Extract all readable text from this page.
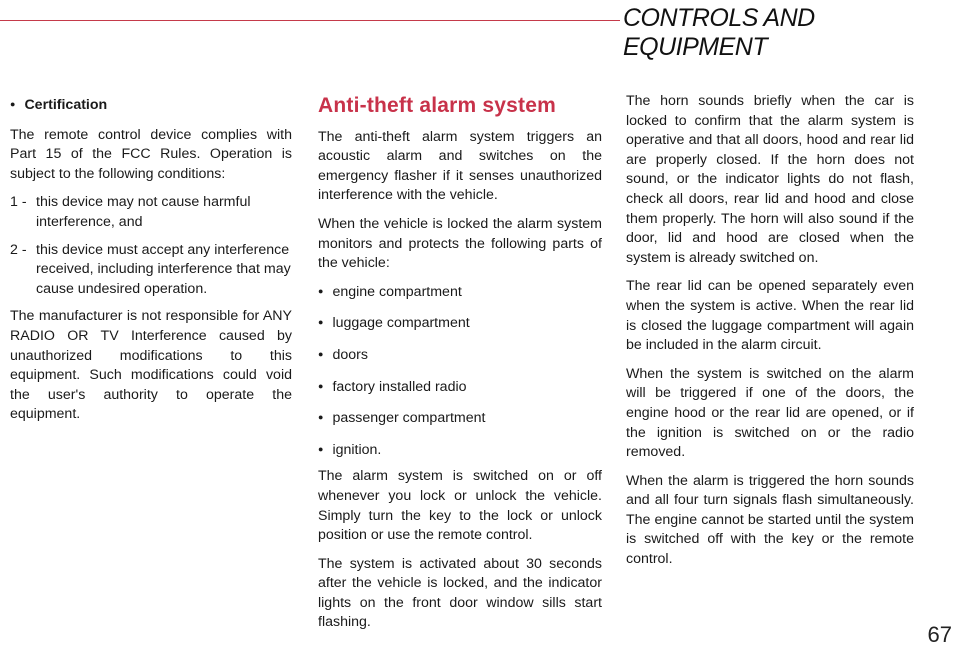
CONTROLS AND EQUIPMENT
● Certification

The remote control device complies with Part 15 of the FCC Rules. Operation is subject to the following conditions:

1 - this device may not cause harmful interference, and
2 - this device must accept any interference received, including interference that may cause undesired operation.

The manufacturer is not responsible for ANY RADIO OR TV Interference caused by unauthorized modifications to this equipment. Such modifications could void the user's authority to operate the equipment.

Anti-theft alarm system

The anti-theft alarm system triggers an acoustic alarm and switches on the emergency flasher if it senses unauthorized interference with the vehicle.

When the vehicle is locked the alarm system monitors and protects the following parts of the vehicle:

● engine compartment
● luggage compartment
● doors
● factory installed radio
● passenger compartment
● ignition.

The alarm system is switched on or off whenever you lock or unlock the vehicle. Simply turn the key to the lock or unlock position or use the remote control.

The system is activated about 30 seconds after the vehicle is locked, and the indicator lights on the front door window sills start flashing.

The horn sounds briefly when the car is locked to confirm that the alarm system is operative and that all doors, hood and rear lid are properly closed. If the horn does not sound, or the indicator lights do not flash, check all doors, rear lid and hood and close them properly. The horn will also sound if the door, lid and hood are closed when the system is already switched on.

The rear lid can be opened separately even when the system is active. When the rear lid is closed the luggage compartment will again be included in the alarm circuit.

When the system is switched on the alarm will be triggered if one of the doors, the engine hood or the rear lid are opened, or if the ignition is switched on or the radio removed.

When the alarm is triggered the horn sounds and all four turn signals flash simultaneously. The engine cannot be started until the system is switched off with the key or the remote control.

67
